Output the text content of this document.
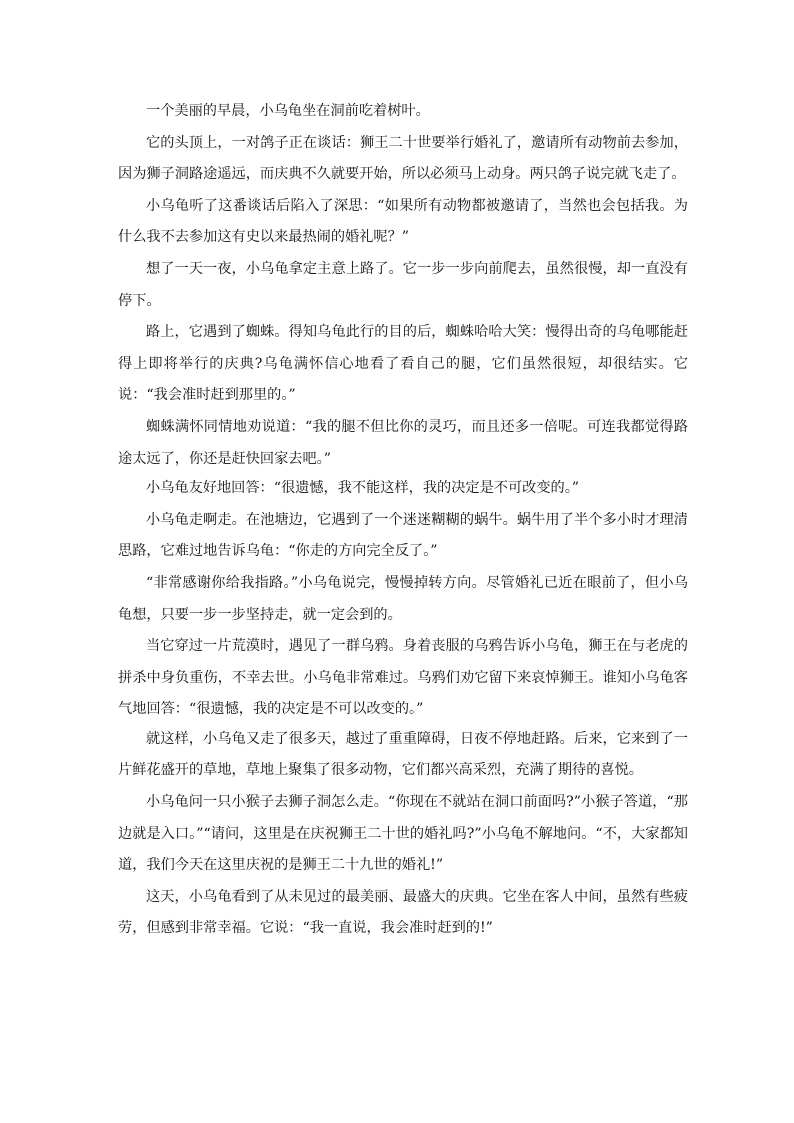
一个美丽的早晨，小乌龟坐在洞前吃着树叶。

它的头顶上，一对鸽子正在谈话：狮王二十世要举行婚礼了，邀请所有动物前去参加，因为狮子洞路途遥远，而庆典不久就要开始，所以必须马上动身。两只鸽子说完就飞走了。

小乌龟听了这番谈话后陷入了深思：“如果所有动物都被邀请了，当然也会包括我。为什么我不去参加这有史以来最热闹的婚礼呢？”

想了一天一夜，小乌龟拿定主意上路了。它一步一步向前爬去，虽然很慢，却一直没有停下。

路上，它遇到了蜘蛛。得知乌龟此行的目的后，蜘蛛哈哈大笑：慢得出奇的乌龟哪能赶得上即将举行的庆典?乌龟满怀信心地看了看自己的腿，它们虽然很短，却很结实。它说：“我会准时赶到那里的。”

蜘蛛满怀同情地劝说道：“我的腿不但比你的灵巧，而且还多一倍呢。可连我都觉得路途太远了，你还是赶快回家去吧。”

小乌龟友好地回答：“很遗憾，我不能这样，我的决定是不可改变的。”

小乌龟走啊走。在池塘边，它遇到了一个迷迷糊糊的蜗牛。蜗牛用了半个多小时才理清思路，它难过地告诉乌龟：“你走的方向完全反了。”

“非常感谢你给我指路。”小乌龟说完，慢慢掉转方向。尽管婚礼已近在眼前了，但小乌龟想，只要一步一步坚持走，就一定会到的。

当它穿过一片荒漠时，遇见了一群乌鸦。身着丧服的乌鸦告诉小乌龟，狮王在与老虎的拼杀中身负重伤，不幸去世。小乌龟非常难过。乌鸦们劝它留下来哀悼狮王。谁知小乌龟客气地回答：“很遗憾，我的决定是不可以改变的。”

就这样，小乌龟又走了很多天，越过了重重障碍，日夜不停地赶路。后来，它来到了一片鲜花盛开的草地，草地上聚集了很多动物，它们都兴高采烈，充满了期待的喜悦。

小乌龟问一只小猴子去狮子洞怎么走。“你现在不就站在洞口前面吗?”小猴子答道，“那边就是入口。”“请问，这里是在庆祝狮王二十世的婚礼吗?”小乌龟不解地问。“不，大家都知道，我们今天在这里庆祝的是狮王二十九世的婚礼!”

这天，小乌龟看到了从未见过的最美丽、最盛大的庆典。它坐在客人中间，虽然有些疲劳，但感到非常幸福。它说：“我一直说，我会准时赶到的!”
